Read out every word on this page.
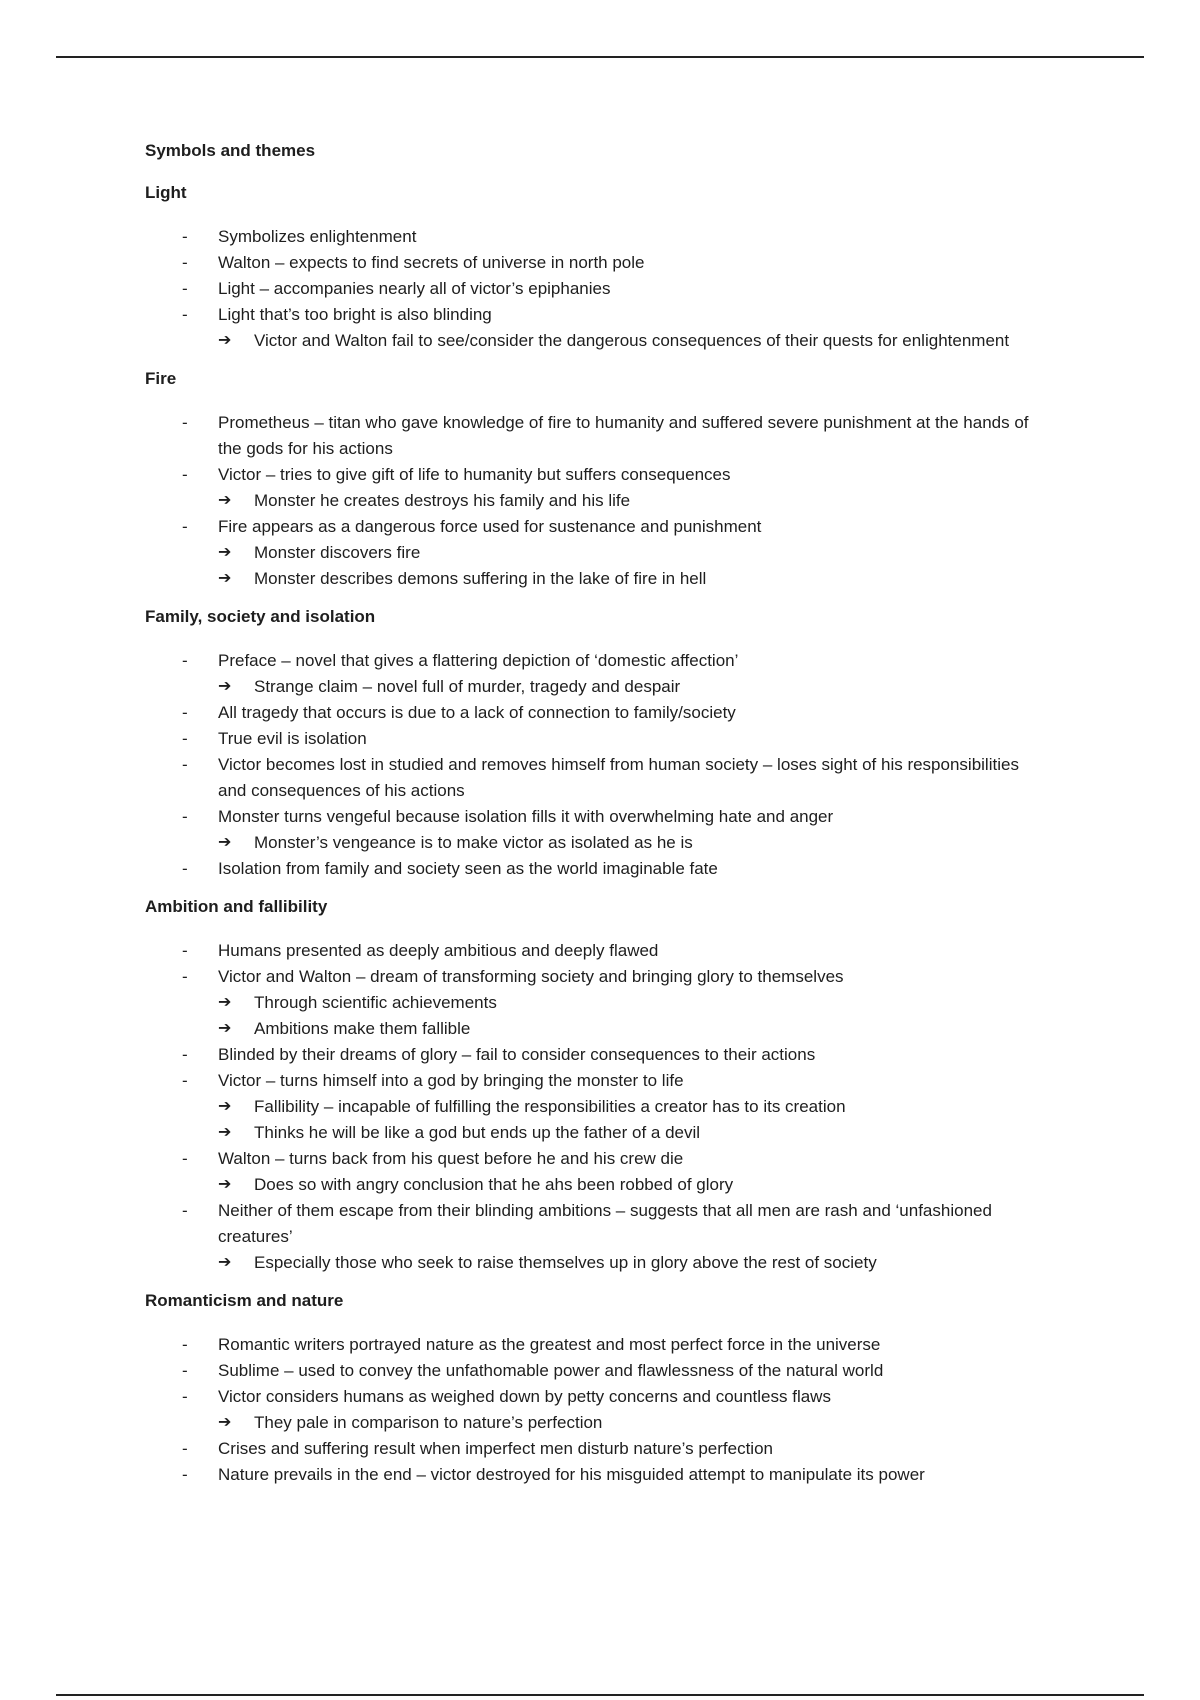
Symbols and themes
Light
- Symbolizes enlightenment
- Walton – expects to find secrets of universe in north pole
- Light – accompanies nearly all of victor’s epiphanies
- Light that’s too bright is also blinding
➔ Victor and Walton fail to see/consider the dangerous consequences of their quests for enlightenment
Fire
- Prometheus – titan who gave knowledge of fire to humanity and suffered severe punishment at the hands of the gods for his actions
- Victor – tries to give gift of life to humanity but suffers consequences
➔ Monster he creates destroys his family and his life
- Fire appears as a dangerous force used for sustenance and punishment
➔ Monster discovers fire
➔ Monster describes demons suffering in the lake of fire in hell
Family, society and isolation
- Preface – novel that gives a flattering depiction of ‘domestic affection’
➔ Strange claim – novel full of murder, tragedy and despair
- All tragedy that occurs is due to a lack of connection to family/society
- True evil is isolation
- Victor becomes lost in studied and removes himself from human society – loses sight of his responsibilities and consequences of his actions
- Monster turns vengeful because isolation fills it with overwhelming hate and anger
➔ Monster’s vengeance is to make victor as isolated as he is
- Isolation from family and society seen as the world imaginable fate
Ambition and fallibility
- Humans presented as deeply ambitious and deeply flawed
- Victor and Walton – dream of transforming society and bringing glory to themselves
➔ Through scientific achievements
➔ Ambitions make them fallible
- Blinded by their dreams of glory – fail to consider consequences to their actions
- Victor – turns himself into a god by bringing the monster to life
➔ Fallibility – incapable of fulfilling the responsibilities a creator has to its creation
➔ Thinks he will be like a god but ends up the father of a devil
- Walton – turns back from his quest before he and his crew die
➔ Does so with angry conclusion that he ahs been robbed of glory
- Neither of them escape from their blinding ambitions – suggests that all men are rash and ‘unfashioned creatures’
➔ Especially those who seek to raise themselves up in glory above the rest of society
Romanticism and nature
- Romantic writers portrayed nature as the greatest and most perfect force in the universe
- Sublime – used to convey the unfathomable power and flawlessness of the natural world
- Victor considers humans as weighed down by petty concerns and countless flaws
➔ They pale in comparison to nature’s perfection
- Crises and suffering result when imperfect men disturb nature’s perfection
- Nature prevails in the end – victor destroyed for his misguided attempt to manipulate its power
